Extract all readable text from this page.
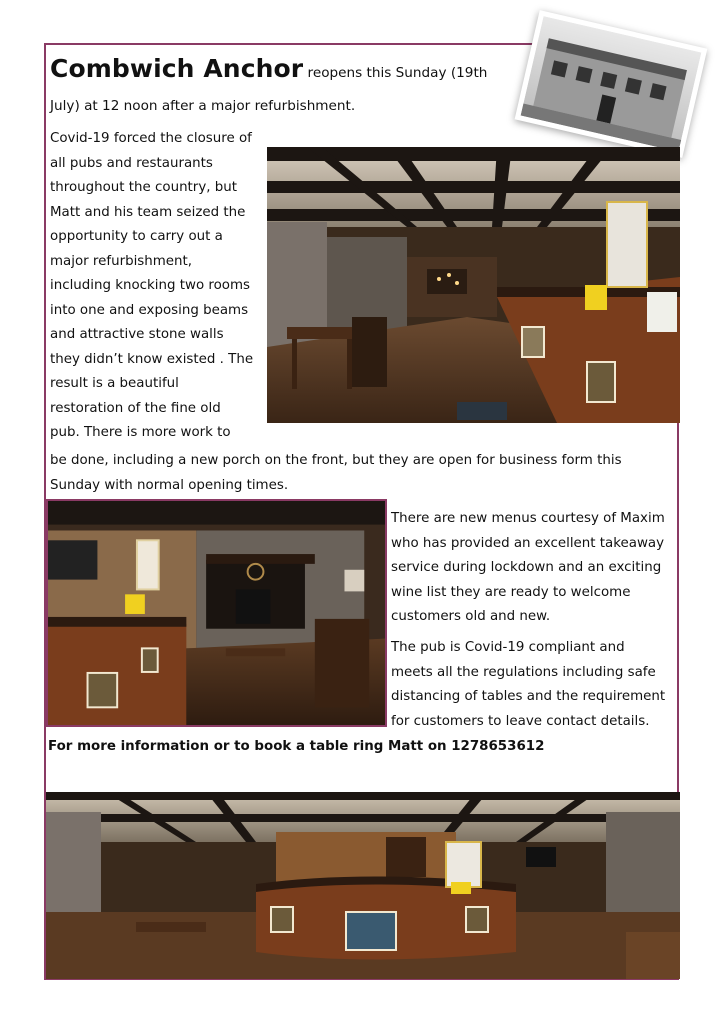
Combwich Anchor reopens this Sunday (19th
July) at 12 noon after a major refurbishment.
Covid-19 forced the closure of
all pubs and restaurants
throughout the country, but
Matt and his team seized the
opportunity to carry out a
major refurbishment,
including knocking two rooms
into one and exposing beams
and attractive stone walls
they didn’t know existed . The
result is a beautiful
restoration of the fine old
pub. There is more work to
be done, including a new porch on the front, but they are open for business form this
Sunday with normal opening times.
There are new menus courtesy of Maxim
who has provided an excellent takeaway
service during lockdown and an exciting
wine list they are ready to welcome
customers old and new.
The pub is Covid-19 compliant and
meets all the regulations including safe
distancing of tables and the requirement
for customers to leave contact details.
For more information or to book a table ring Matt on 1278653612
